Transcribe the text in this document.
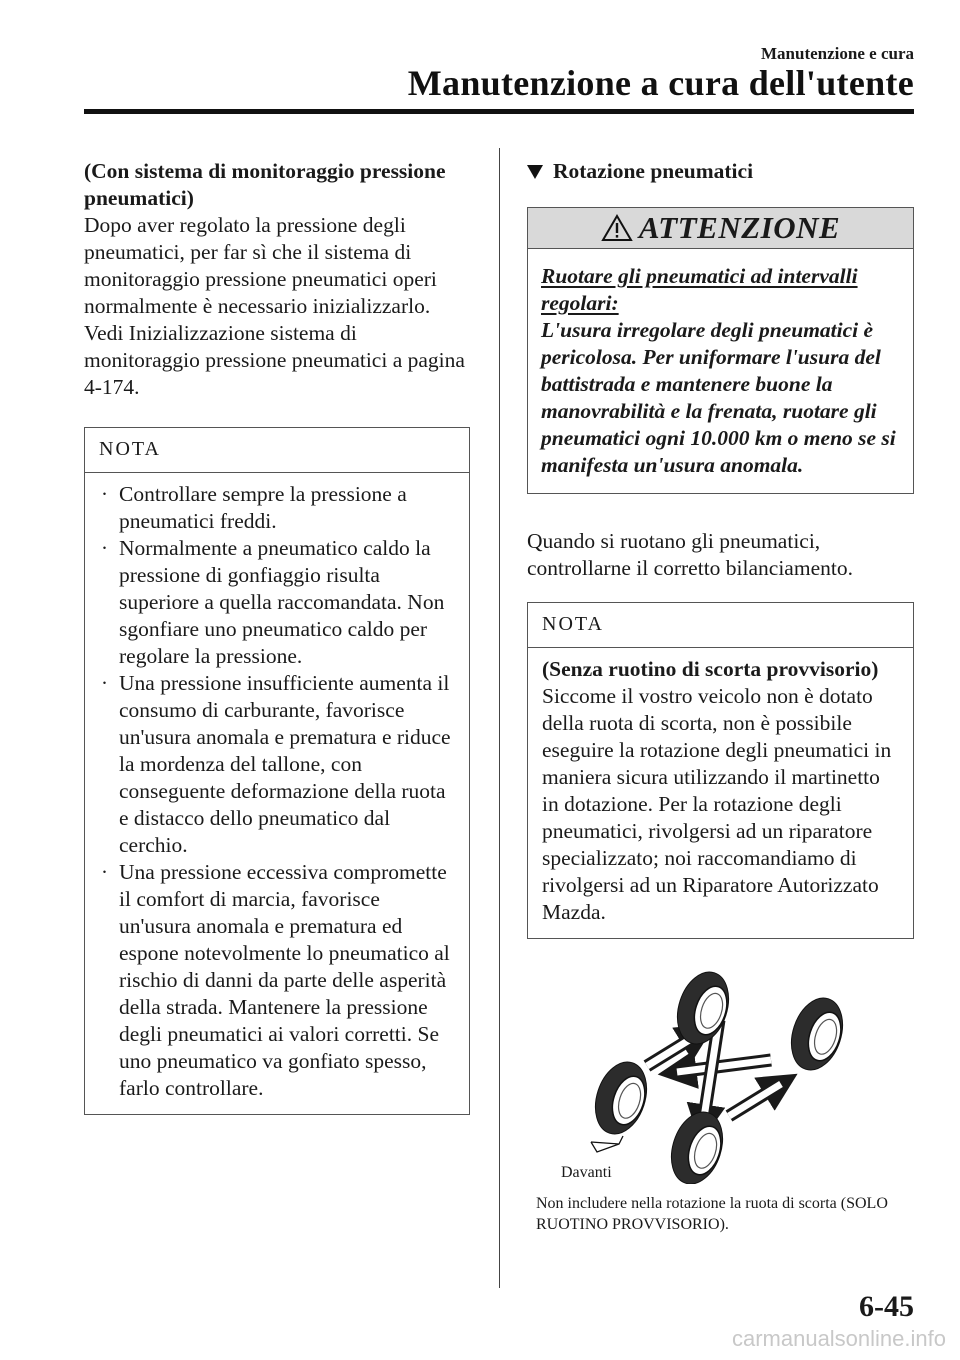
Manutenzione e cura
Manutenzione a cura dell'utente

(Con sistema di monitoraggio pressione pneumatici)

Dopo aver regolato la pressione degli pneumatici, per far sì che il sistema di monitoraggio pressione pneumatici operi normalmente è necessario inizializzarlo. Vedi Inizializzazione sistema di monitoraggio pressione pneumatici a pagina 4-174.

NOTA
· Controllare sempre la pressione a pneumatici freddi.
· Normalmente a pneumatico caldo la pressione di gonfiaggio risulta superiore a quella raccomandata. Non sgonfiare uno pneumatico caldo per regolare la pressione.
· Una pressione insufficiente aumenta il consumo di carburante, favorisce un'usura anomala e prematura e riduce la mordenza del tallone, con conseguente deformazione della ruota e distacco dello pneumatico dal cerchio.
· Una pressione eccessiva compromette il comfort di marcia, favorisce un'usura anomala e prematura ed espone notevolmente lo pneumatico al rischio di danni da parte delle asperità della strada. Mantenere la pressione degli pneumatici ai valori corretti. Se uno pneumatico va gonfiato spesso, farlo controllare.
Rotazione pneumatici
ATTENZIONE

Ruotare gli pneumatici ad intervalli regolari:

L'usura irregolare degli pneumatici è pericolosa. Per uniformare l'usura del battistrada e mantenere buone la manovrabilità e la frenata, ruotare gli pneumatici ogni 10.000 km o meno se si manifesta un'usura anomala.

Quando si ruotano gli pneumatici, controllarne il corretto bilanciamento.

NOTA

(Senza ruotino di scorta provvisorio)

Siccome il vostro veicolo non è dotato della ruota di scorta, non è possibile eseguire la rotazione degli pneumatici in maniera sicura utilizzando il martinetto in dotazione. Per la rotazione degli pneumatici, rivolgersi ad un riparatore specializzato; noi raccomandiamo di rivolgersi ad un Riparatore Autorizzato Mazda.

Davanti
Non includere nella rotazione la ruota di scorta (SOLO RUOTINO PROVVISORIO).
6-45
carmanualsonline.info
